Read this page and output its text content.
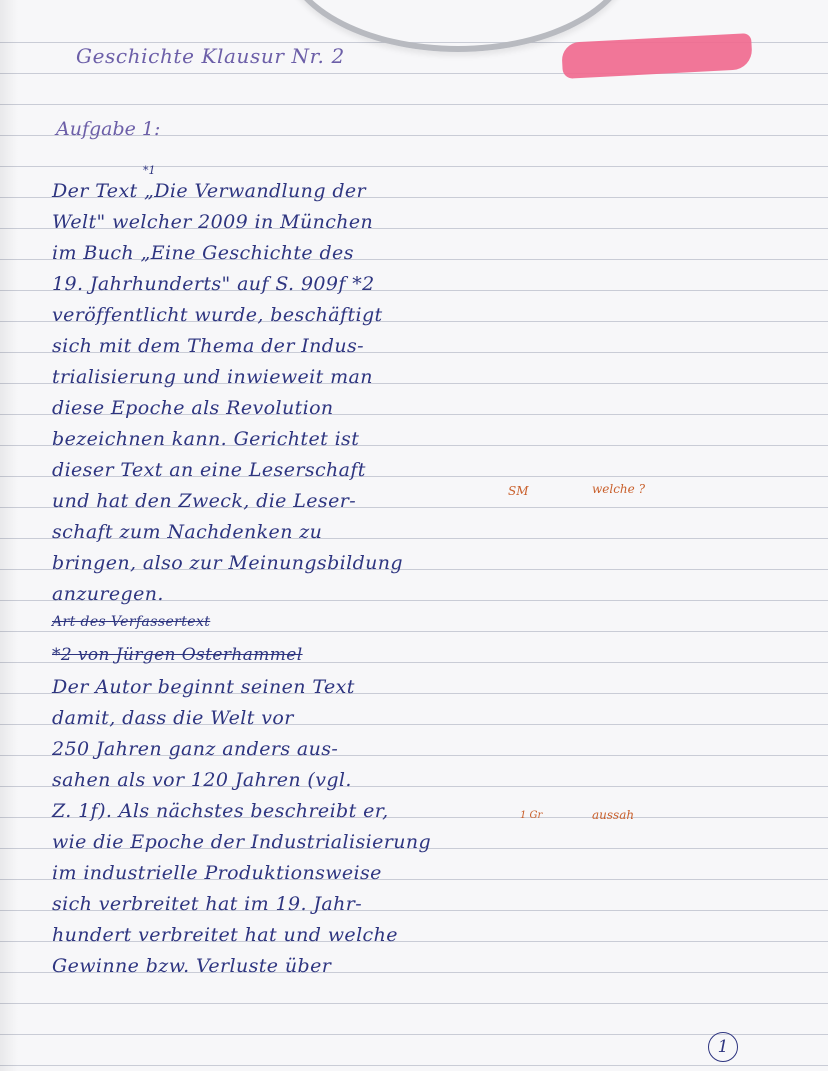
Geschichte Klausur Nr. 2
Aufgabe 1:
*1
Der Text „Die Verwandlung der
Welt" welcher 2009 in München
im Buch „Eine Geschichte des
19. Jahrhunderts" auf S. 909f *2
veröffentlicht wurde, beschäftigt
sich mit dem Thema der Indus-
trialisierung und inwieweit man
diese Epoche als Revolution
bezeichnen kann. Gerichtet ist
dieser Text an eine Leserschaft
und hat den Zweck, die Leser-
schaft zum Nachdenken zu
bringen, also zur Meinungsbildung
anzuregen.
Art des Verfassertext
*2 von Jürgen Osterhammel
Der Autor beginnt seinen Text
damit, dass die Welt vor
250 Jahren ganz anders aus-
sahen als vor 120 Jahren (vgl.
Z. 1f). Als nächstes beschreibt er,
wie die Epoche der Industrialisierung
im industrielle Produktionsweise
sich verbreitet hat im 19. Jahr-
hundert verbreitet hat und welche
Gewinne bzw. Verluste über
SM	welche ?
1 Gr	aussah
1
